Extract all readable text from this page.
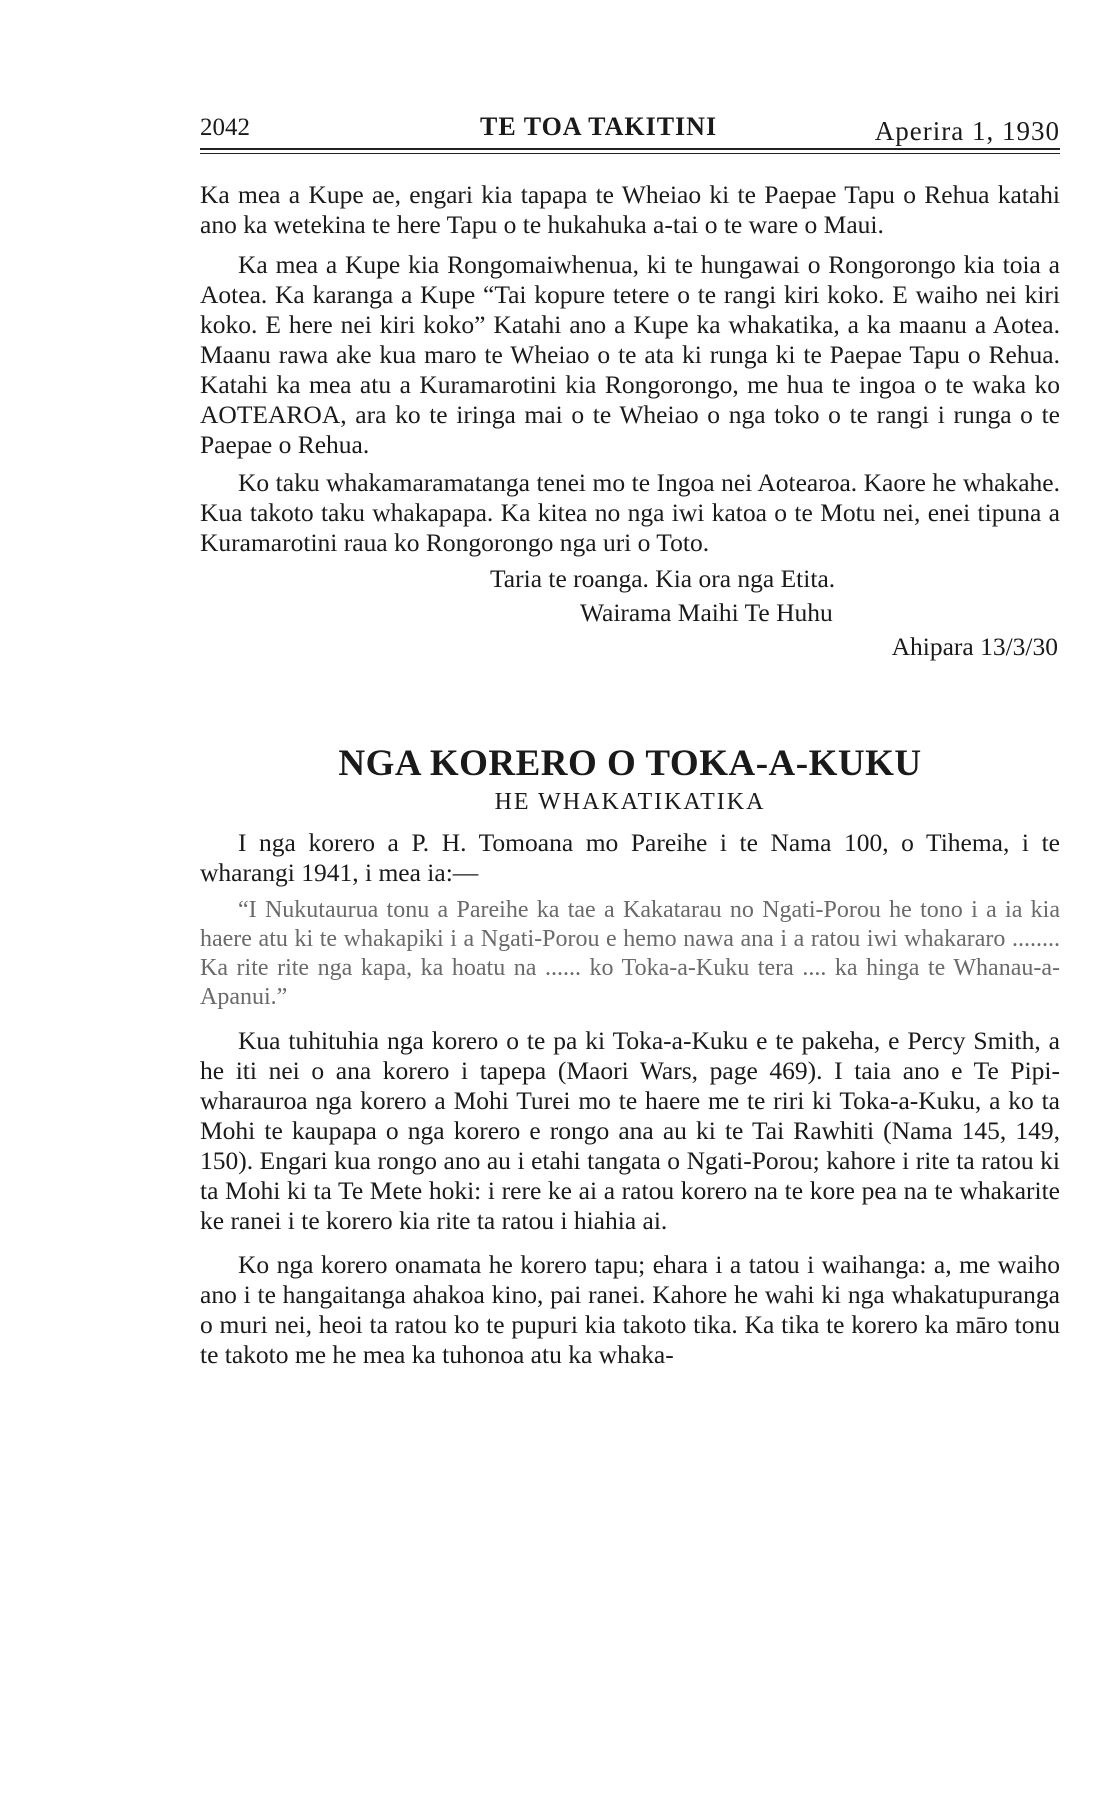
2042	TE TOA TAKITINI	Aperira 1, 1930

Ka mea a Kupe ae, engari kia tapapa te Wheiao ki te Paepae Tapu o Rehua katahi ano ka wetekina te here Tapu o te hukahuka a-tai o te ware o Maui.

Ka mea a Kupe kia Rongomaiwhenua, ki te hungawai o Rongorongo kia toia a Aotea. Ka karanga a Kupe “Tai kopure tetere o te rangi kiri koko. E waiho nei kiri koko. E here nei kiri koko” Katahi ano a Kupe ka whakatika, a ka maanu a Aotea. Maanu rawa ake kua maro te Wheiao o te ata ki runga ki te Paepae Tapu o Rehua. Katahi ka mea atu a Kuramarotini kia Rongorongo, me hua te ingoa o te waka ko AOTEAROA, ara ko te iringa mai o te Wheiao o nga toko o te rangi i runga o te Paepae o Rehua.

Ko taku whakamaramatanga tenei mo te Ingoa nei Aotearoa. Kaore he whakahe. Kua takoto taku whakapapa. Ka kitea no nga iwi katoa o te Motu nei, enei tipuna a Kuramarotini raua ko Rongorongo nga uri o Toto.

Taria te roanga. Kia ora nga Etita.
Wairama Maihi Te Huhu
Ahipara 13/3/30
NGA KORERO O TOKA-A-KUKU
HE WHAKATIKATIKA

I nga korero a P. H. Tomoana mo Pareihe i te Nama 100, o Tihema, i te wharangi 1941, i mea ia:—

“I Nukutaurua tonu a Pareihe ka tae a Kakatarau no Ngati-Porou he tono i a ia kia haere atu ki te whakapiki i a Ngati-Porou e hemo nawa ana i a ratou iwi whakararo ........ Ka rite rite nga kapa, ka hoatu na ...... ko Toka-a-Kuku tera .... ka hinga te Whanau-a-Apanui.”

Kua tuhituhia nga korero o te pa ki Toka-a-Kuku e te pakeha, e Percy Smith, a he iti nei o ana korero i tapepa (Maori Wars, page 469). I taia ano e Te Pipi-wharauroa nga korero a Mohi Turei mo te haere me te riri ki Toka-a-Kuku, a ko ta Mohi te kaupapa o nga korero e rongo ana au ki te Tai Rawhiti (Nama 145, 149, 150). Engari kua rongo ano au i etahi tangata o Ngati-Porou; kahore i rite ta ratou ki ta Mohi ki ta Te Mete hoki: i rere ke ai a ratou korero na te kore pea na te whakarite ke ranei i te korero kia rite ta ratou i hiahia ai.

Ko nga korero onamata he korero tapu; ehara i a tatou i waihanga: a, me waiho ano i te hangaitanga ahakoa kino, pai ranei. Kahore he wahi ki nga whakatupuranga o muri nei, heoi ta ratou ko te pupuri kia takoto tika. Ka tika te korero ka māro tonu te takoto me he mea ka tuhonoa atu ka whaka-
